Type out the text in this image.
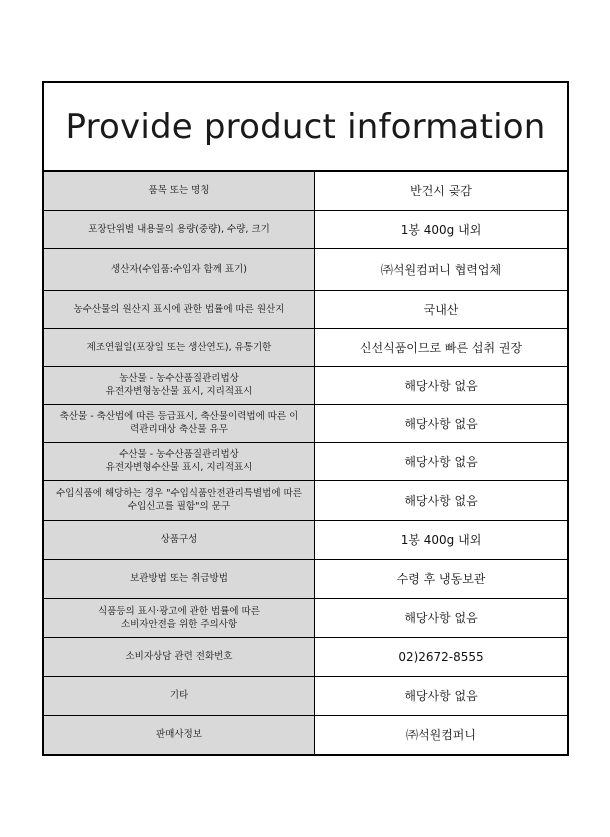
Provide product information
품목 또는 명칭	반건시 곶감
포장단위별 내용물의 용량(중량), 수량, 크기	1봉 400g 내외
생산자(수입품:수입자 함께 표기)	㈜석원컴퍼니 협력업체
농수산물의 원산지 표시에 관한 법률에 따른 원산지	국내산
제조연월일(포장일 또는 생산연도), 유통기한	신선식품이므로 빠른 섭취 권장
농산물 - 농수산품질관리법상
유전자변형농산물 표시, 지리적표시	해당사항 없음
축산물 - 축산법에 따른 등급표시, 축산물이력법에 따른 이
력관리대상 축산물 유무	해당사항 없음
수산물 - 농수산품질관리법상
유전자변형수산물 표시, 지리적표시	해당사항 없음
수입식품에 해당하는 경우 "수입식품안전관리특별법에 따른
수입신고를 필함"의 문구	해당사항 없음
상품구성	1봉 400g 내외
보관방법 또는 취급방법	수령 후 냉동보관
식품등의 표시·광고에 관한 법률에 따른
소비자안전을 위한 주의사항	해당사항 없음
소비자상담 관련 전화번호	02)2672-8555
기타	해당사항 없음
판매사정보	㈜석원컴퍼니
